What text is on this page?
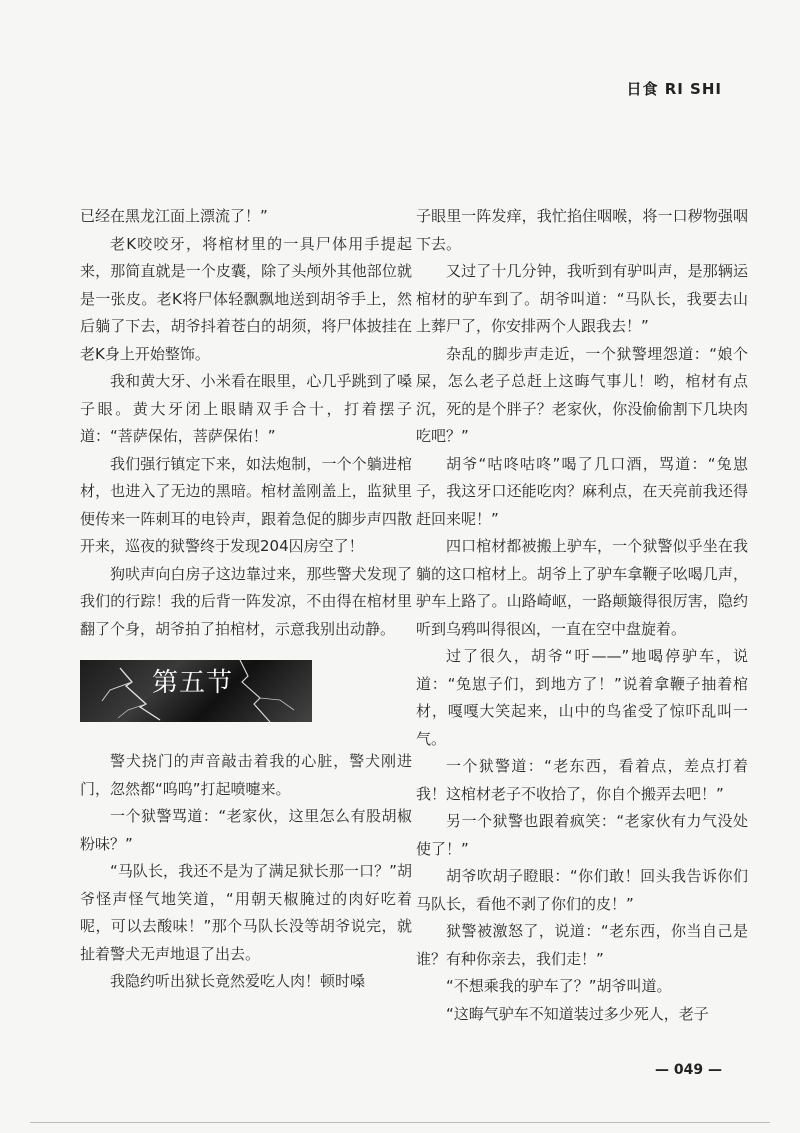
日食 RI SHI

已经在黑龙江面上漂流了！”

老K咬咬牙，将棺材里的一具尸体用手提起来，那简直就是一个皮囊，除了头颅外其他部位就是一张皮。老K将尸体轻飘飘地送到胡爷手上，然后躺了下去，胡爷抖着苍白的胡须，将尸体披挂在老K身上开始整饰。

我和黄大牙、小米看在眼里，心几乎跳到了嗓子眼。黄大牙闭上眼睛双手合十，打着摆子道：“菩萨保佑，菩萨保佑！”

我们强行镇定下来，如法炮制，一个个躺进棺材，也进入了无边的黑暗。棺材盖刚盖上，监狱里便传来一阵刺耳的电铃声，跟着急促的脚步声四散开来，巡夜的狱警终于发现204囚房空了！

狗吠声向白房子这边靠过来，那些警犬发现了我们的行踪！我的后背一阵发凉，不由得在棺材里翻了个身，胡爷拍了拍棺材，示意我别出动静。

第五节

警犬挠门的声音敲击着我的心脏，警犬刚进门，忽然都“呜呜”打起喷嚏来。

一个狱警骂道：“老家伙，这里怎么有股胡椒粉味？”

“马队长，我还不是为了满足狱长那一口？”胡爷怪声怪气地笑道，“用朝天椒腌过的肉好吃着呢，可以去酸味！”那个马队长没等胡爷说完，就扯着警犬无声地退了出去。

我隐约听出狱长竟然爱吃人肉！顿时嗓

子眼里一阵发痒，我忙掐住咽喉，将一口秽物强咽下去。

又过了十几分钟，我听到有驴叫声，是那辆运棺材的驴车到了。胡爷叫道：“马队长，我要去山上葬尸了，你安排两个人跟我去！”

杂乱的脚步声走近，一个狱警埋怨道：“娘个屎，怎么老子总赶上这晦气事儿！哟，棺材有点沉，死的是个胖子？老家伙，你没偷偷割下几块肉吃吧？”

胡爷“咕咚咕咚”喝了几口酒，骂道：“兔崽子，我这牙口还能吃肉？麻利点，在天亮前我还得赶回来呢！”

四口棺材都被搬上驴车，一个狱警似乎坐在我躺的这口棺材上。胡爷上了驴车拿鞭子吆喝几声，驴车上路了。山路崎岖，一路颠簸得很厉害，隐约听到乌鸦叫得很凶，一直在空中盘旋着。

过了很久，胡爷“吁——”地喝停驴车，说道：“兔崽子们，到地方了！”说着拿鞭子抽着棺材，嘎嘎大笑起来，山中的鸟雀受了惊吓乱叫一气。

一个狱警道：“老东西，看着点，差点打着我！这棺材老子不收拾了，你自个搬弄去吧！”

另一个狱警也跟着疯笑：“老家伙有力气没处使了！”

胡爷吹胡子瞪眼：“你们敢！回头我告诉你们马队长，看他不剥了你们的皮！”

狱警被激怒了，说道：“老东西，你当自己是谁？有种你亲去，我们走！”

“不想乘我的驴车了？”胡爷叫道。

“这晦气驴车不知道装过多少死人，老子

— 049 —
